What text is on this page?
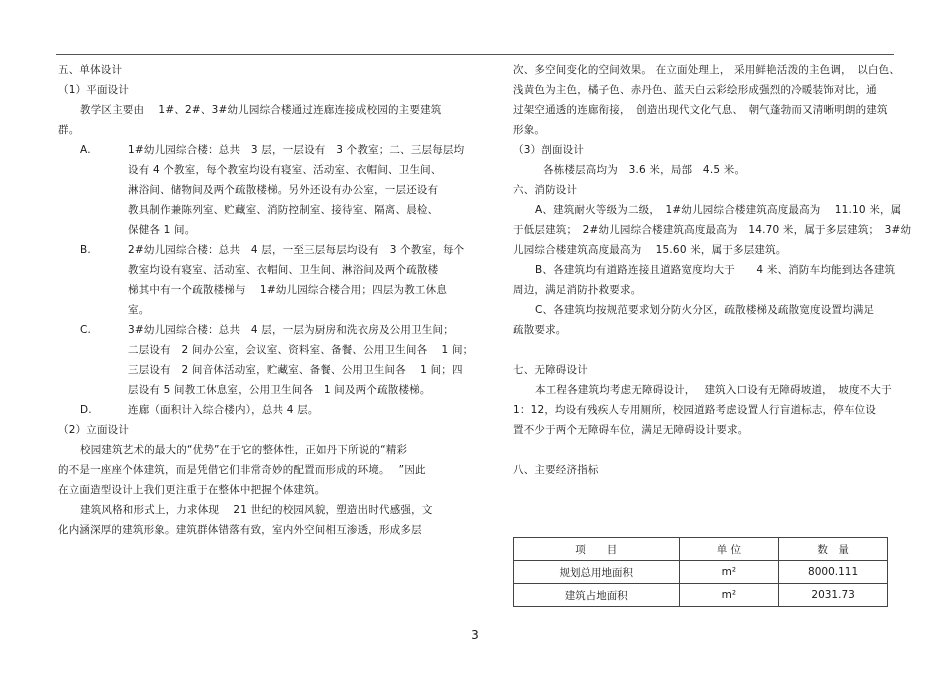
五、单体设计
（1）平面设计
教学区主要由　 1#、2#、3#幼儿园综合楼通过连廊连接成校园的主要建筑
群。
A.	1#幼儿园综合楼：总共　3 层，一层设有　3 个教室；二、三层每层均
设有 4 个教室，每个教室均设有寝室、活动室、衣帽间、卫生间、
淋浴间、储物间及两个疏散楼梯。另外还设有办公室，一层还设有
教具制作兼陈列室、贮藏室、消防控制室、接待室、隔离、晨检、
保健各 1 间。
B.	2#幼儿园综合楼：总共　4 层，一至三层每层均设有　3 个教室，每个
教室均设有寝室、活动室、衣帽间、卫生间、淋浴间及两个疏散楼
梯其中有一个疏散楼梯与　 1#幼儿园综合楼合用；四层为教工休息
室。
C.	3#幼儿园综合楼：总共　4 层，一层为厨房和洗衣房及公用卫生间；
二层设有　2 间办公室，会议室、资料室、备餐、公用卫生间各　 1 间；
三层设有　2 间音体活动室，贮藏室、备餐、公用卫生间各　 1 间；四
层设有 5 间教工休息室，公用卫生间各　1 间及两个疏散楼梯。
D.	连廊（面积计入综合楼内），总共 4 层。
（2）立面设计
校园建筑艺术的最大的“优势”在于它的整体性，正如丹下所说的“精彩
的不是一座座个体建筑，而是凭借它们非常奇妙的配置而形成的环境。　 ”因此
在立面造型设计上我们更注重于在整体中把握个体建筑。
建筑风格和形式上，力求体现　 21 世纪的校园风貌，塑造出时代感强，文
化内涵深厚的建筑形象。建筑群体错落有致，室内外空间相互渗透，形成多层
次、多空间变化的空间效果。 在立面处理上， 采用鲜艳活泼的主色调，　以白色、
浅黄色为主色，橘子色、赤丹色、蓝天白云彩绘形成强烈的冷暖装饰对比，通
过架空通透的连廊衔接，　创造出现代文化气息、　朝气蓬勃而又清晰明朗的建筑
形象。
（3）剖面设计
各栋楼层高均为　3.6 米，局部　4.5 米。
六、消防设计
A、建筑耐火等级为二级，　1#幼儿园综合楼建筑高度最高为　 11.10 米，属
于低层建筑；　2#幼儿园综合楼建筑高度最高为　14.70 米，属于多层建筑；　3#幼
儿园综合楼建筑高度最高为　 15.60 米，属于多层建筑。
B、各建筑均有道路连接且道路宽度均大于　　4 米、消防车均能到达各建筑
周边，满足消防扑救要求。
C、各建筑均按规范要求划分防火分区，疏散楼梯及疏散宽度设置均满足
疏散要求。
七、无障碍设计
本工程各建筑均考虑无障碍设计，　 建筑入口设有无障碍坡道，　坡度不大于
1：12，均设有残疾人专用厕所，校园道路考虑设置人行盲道标志，停车位设
置不少于两个无障碍车位，满足无障碍设计要求。
八、主要经济指标
项　　目	单 位	数　量
规划总用地面积	m²	8000.111
建筑占地面积	m²	2031.73
3
